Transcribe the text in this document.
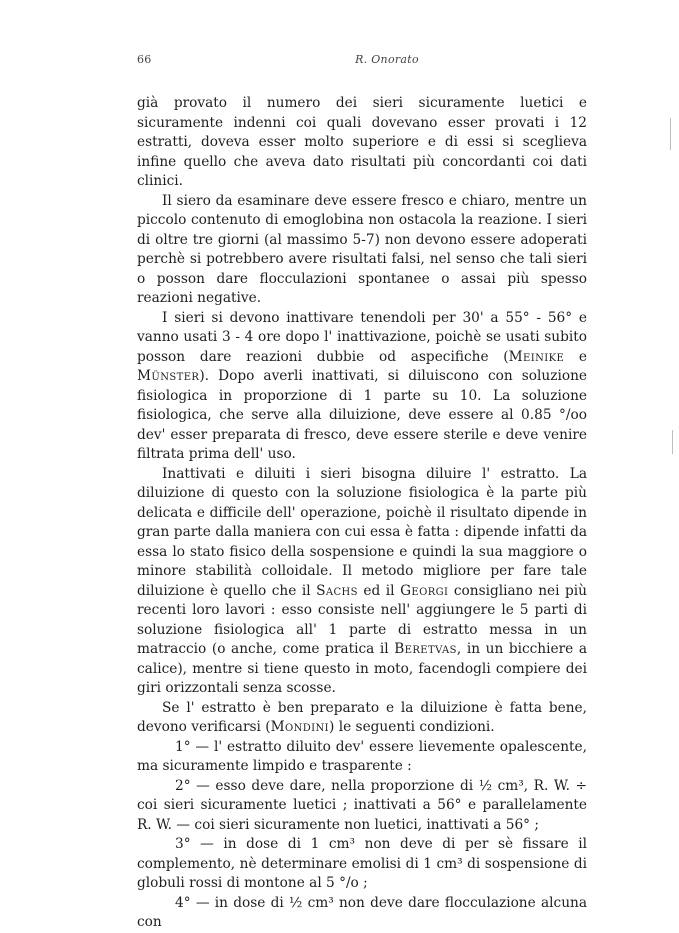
66	R. Onorato

già provato il numero dei sieri sicuramente luetici e sicuramente indenni coi quali dovevano esser provati i 12 estratti, doveva esser molto superiore e di essi si sceglieva infine quello che aveva dato risultati più concordanti coi dati clinici.

Il siero da esaminare deve essere fresco e chiaro, mentre un piccolo contenuto di emoglobina non ostacola la reazione. I sieri di oltre tre giorni (al massimo 5-7) non devono essere adoperati perchè si potrebbero avere risultati falsi, nel senso che tali sieri o posson dare flocculazioni spontanee o assai più spesso reazioni negative.

I sieri si devono inattivare tenendoli per 30' a 55° - 56° e vanno usati 3 - 4 ore dopo l' inattivazione, poichè se usati subito posson dare reazioni dubbie od aspecifiche (Meinike e Münster). Dopo averli inattivati, si diluiscono con soluzione fisiologica in proporzione di 1 parte su 10. La soluzione fisiologica, che serve alla diluizione, deve essere al 0.85 °/oo dev' esser preparata di fresco, deve essere sterile e deve venire filtrata prima dell' uso.

Inattivati e diluiti i sieri bisogna diluire l' estratto. La diluizione di questo con la soluzione fisiologica è la parte più delicata e difficile dell' operazione, poichè il risultato dipende in gran parte dalla maniera con cui essa è fatta : dipende infatti da essa lo stato fisico della sospensione e quindi la sua maggiore o minore stabilità colloidale. Il metodo migliore per fare tale diluizione è quello che il Sachs ed il Georgi consigliano nei più recenti loro lavori : esso consiste nell' aggiungere le 5 parti di soluzione fisiologica all' 1 parte di estratto messa in un matraccio (o anche, come pratica il Beretvas, in un bicchiere a calice), mentre si tiene questo in moto, facendogli compiere dei giri orizzontali senza scosse.

Se l' estratto è ben preparato e la diluizione è fatta bene, devono verificarsi (Mondini) le seguenti condizioni.

1° — l' estratto diluito dev' essere lievemente opalescente, ma sicuramente limpido e trasparente :

2° — esso deve dare, nella proporzione di ½ cm³, R. W. ÷ coi sieri sicuramente luetici ; inattivati a 56° e parallelamente R. W. — coi sieri sicuramente non luetici, inattivati a 56° ;

3° — in dose di 1 cm³ non deve di per sè fissare il complemento, nè determinare emolisi di 1 cm³ di sospensione di globuli rossi di montone al 5 °/o ;

4° — in dose di ½ cm³ non deve dare flocculazione alcuna con
